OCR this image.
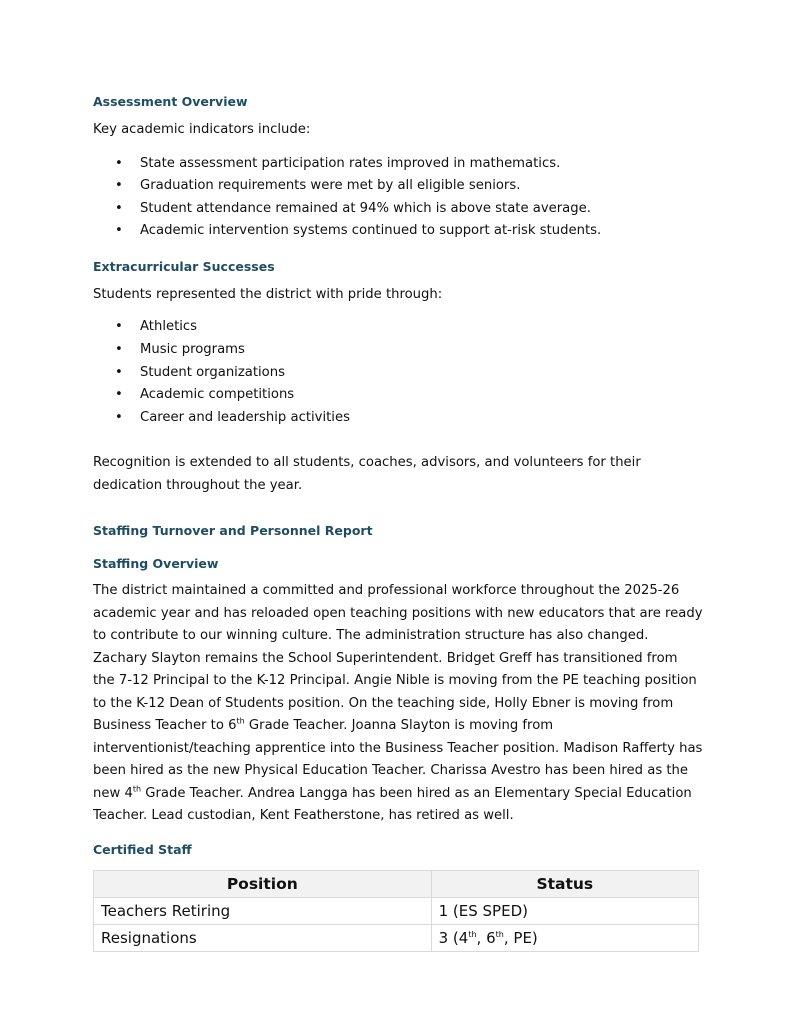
Assessment Overview

Key academic indicators include:

• State assessment participation rates improved in mathematics.
• Graduation requirements were met by all eligible seniors.
• Student attendance remained at 94% which is above state average.
• Academic intervention systems continued to support at-risk students.
Extracurricular Successes

Students represented the district with pride through:

• Athletics
• Music programs
• Student organizations
• Academic competitions
• Career and leadership activities

Recognition is extended to all students, coaches, advisors, and volunteers for their dedication throughout the year.

Staffing Turnover and Personnel Report
Staffing Overview

The district maintained a committed and professional workforce throughout the 2025-26 academic year and has reloaded open teaching positions with new educators that are ready to contribute to our winning culture. The administration structure has also changed. Zachary Slayton remains the School Superintendent. Bridget Greff has transitioned from the 7-12 Principal to the K-12 Principal. Angie Nible is moving from the PE teaching position to the K-12 Dean of Students position. On the teaching side, Holly Ebner is moving from Business Teacher to 6th Grade Teacher. Joanna Slayton is moving from interventionist/teaching apprentice into the Business Teacher position. Madison Rafferty has been hired as the new Physical Education Teacher. Charissa Avestro has been hired as the new 4th Grade Teacher. Andrea Langga has been hired as an Elementary Special Education Teacher. Lead custodian, Kent Featherstone, has retired as well.

Certified Staff
Position	Status
Teachers Retiring	1 (ES SPED)
Resignations	3 (4th, 6th, PE)
